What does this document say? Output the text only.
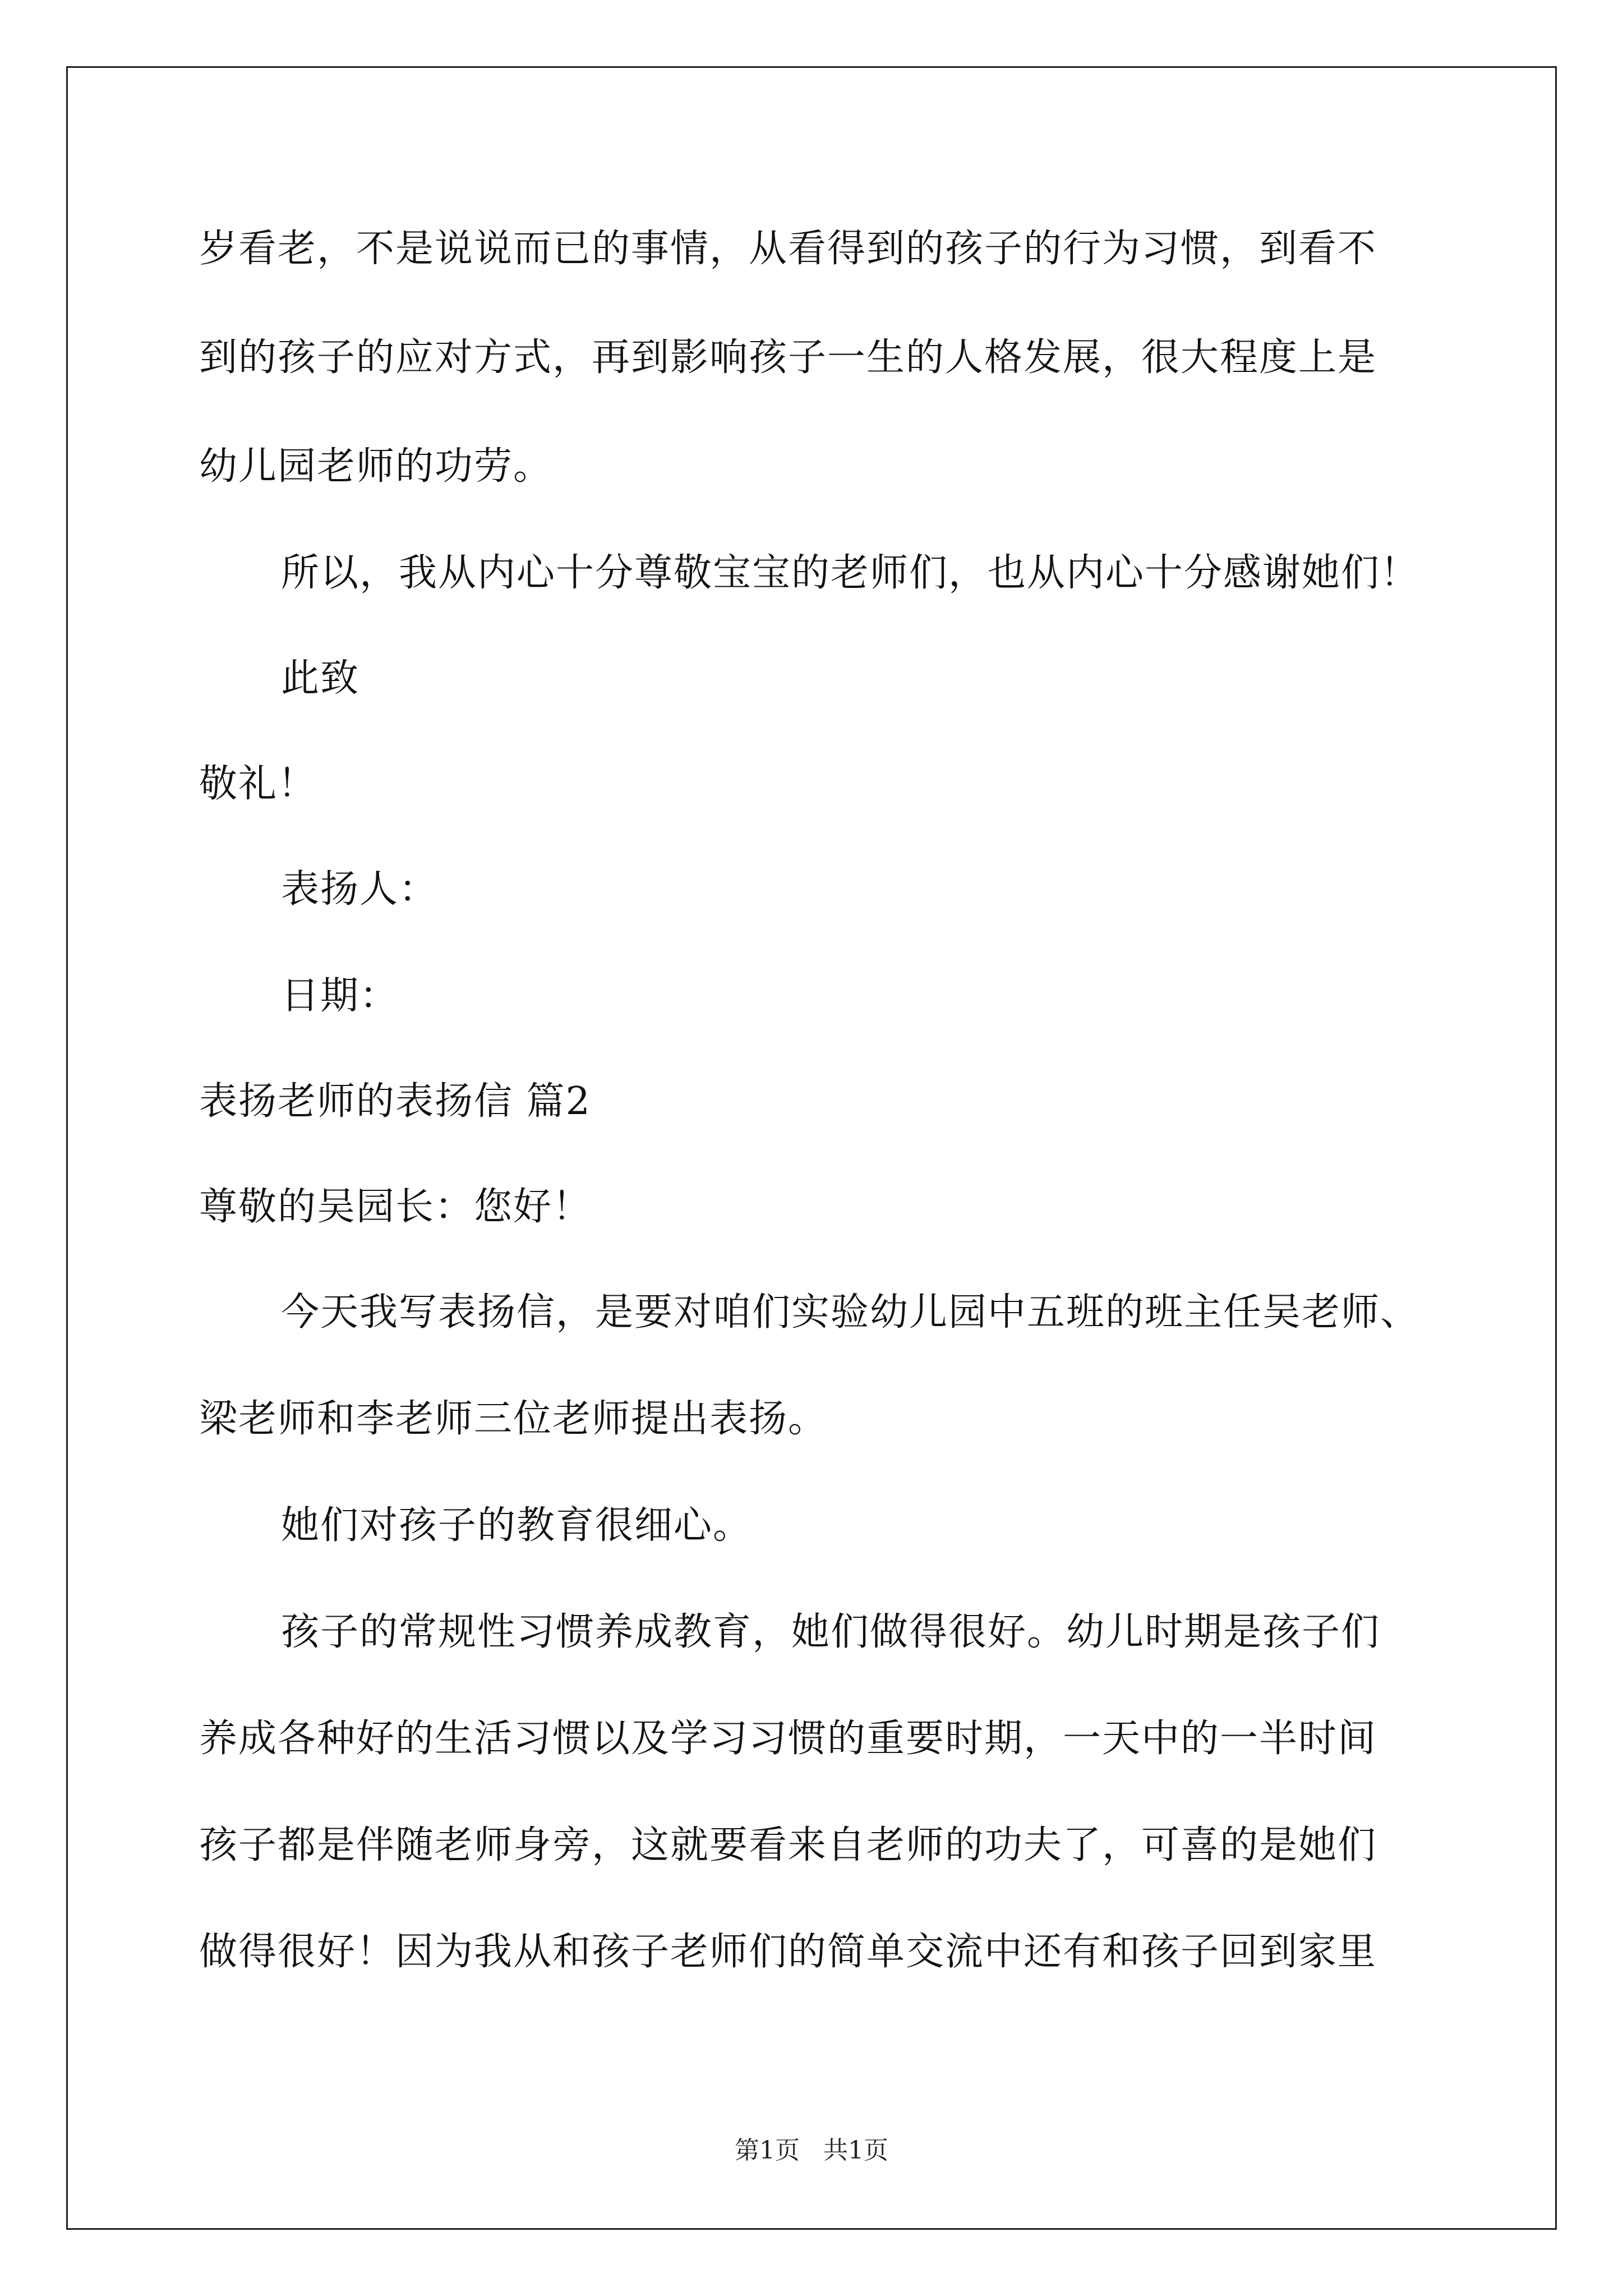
岁看老，不是说说而已的事情，从看得到的孩子的行为习惯，到看不
到的孩子的应对方式，再到影响孩子一生的人格发展，很大程度上是
幼儿园老师的功劳。
所以，我从内心十分尊敬宝宝的老师们，也从内心十分感谢她们！
此致
敬礼！
表扬人：
日期：
表扬老师的表扬信 篇2
尊敬的吴园长：您好！
今天我写表扬信，是要对咱们实验幼儿园中五班的班主任吴老师、
梁老师和李老师三位老师提出表扬。
她们对孩子的教育很细心。
孩子的常规性习惯养成教育，她们做得很好。幼儿时期是孩子们
养成各种好的生活习惯以及学习习惯的重要时期，一天中的一半时间
孩子都是伴随老师身旁，这就要看来自老师的功夫了，可喜的是她们
做得很好！因为我从和孩子老师们的简单交流中还有和孩子回到家里
第1页 共1页
